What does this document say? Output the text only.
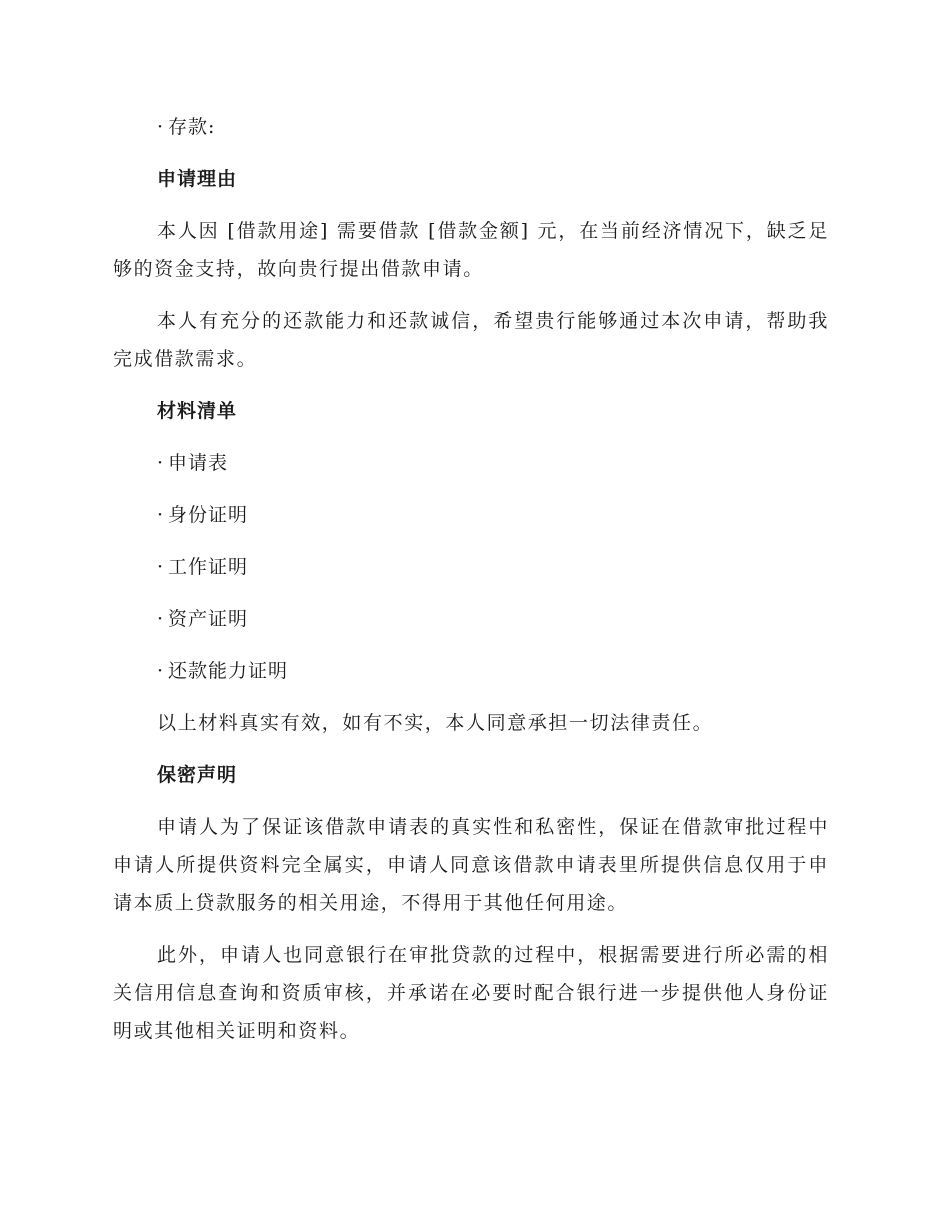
· 存款:

申请理由

本人因 [借款用途] 需要借款 [借款金额] 元，在当前经济情况下，缺乏足够的资金支持，故向贵行提出借款申请。

本人有充分的还款能力和还款诚信，希望贵行能够通过本次申请，帮助我完成借款需求。

材料清单

· 申请表

· 身份证明

· 工作证明

· 资产证明

· 还款能力证明

以上材料真实有效，如有不实，本人同意承担一切法律责任。

保密声明

申请人为了保证该借款申请表的真实性和私密性，保证在借款审批过程中申请人所提供资料完全属实，申请人同意该借款申请表里所提供信息仅用于申请本质上贷款服务的相关用途，不得用于其他任何用途。

此外，申请人也同意银行在审批贷款的过程中，根据需要进行所必需的相关信用信息查询和资质审核，并承诺在必要时配合银行进一步提供他人身份证明或其他相关证明和资料。
